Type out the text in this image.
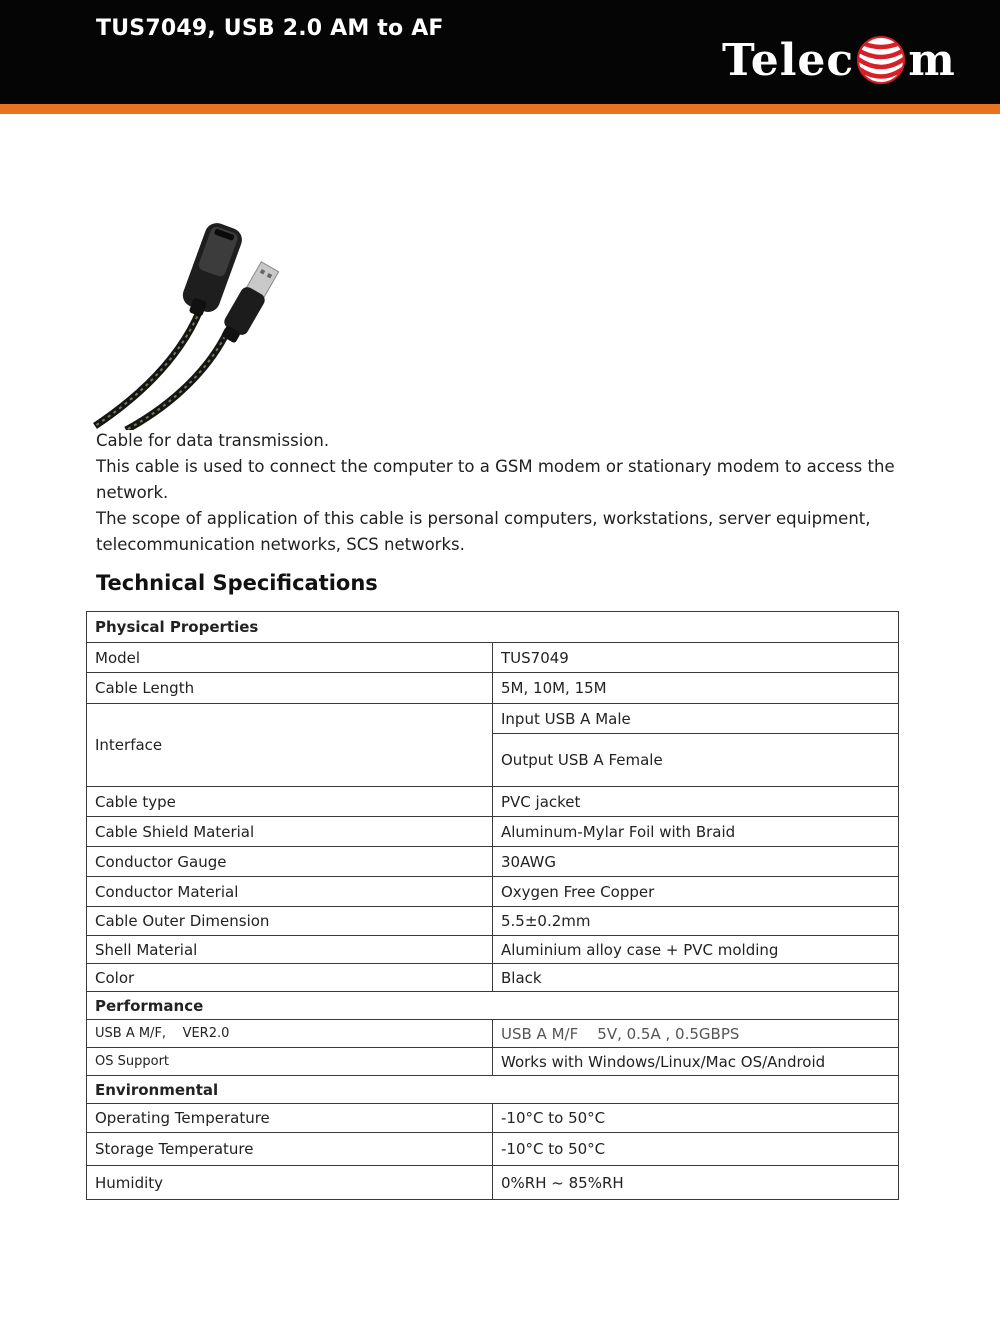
TUS7049, USB 2.0 AM to AF
Telec m

Cable for data transmission.

This cable is used to connect the computer to a GSM modem or stationary modem to access the network.

The scope of application of this cable is personal computers, workstations, server equipment, telecommunication networks, SCS networks.

Technical Specifications
Physical Properties	
Model	TUS7049
Cable Length	5M, 10M, 15M
Interface	Input USB A Male
	Output USB A Female
Cable type	PVC jacket
Cable Shield Material	Aluminum-Mylar Foil with Braid
Conductor Gauge	30AWG
Conductor Material	Oxygen Free Copper
Cable Outer Dimension	5.5±0.2mm
Shell Material	Aluminium alloy case + PVC molding
Color	Black
Performance	
USB A M/F,    VER2.0	USB A M/F    5V, 0.5A , 0.5GBPS
OS Support	Works with Windows/Linux/Mac OS/Android
Environmental	
Operating Temperature	-10°C to 50°C
Storage Temperature	-10°C to 50°C
Humidity	0%RH ~ 85%RH
